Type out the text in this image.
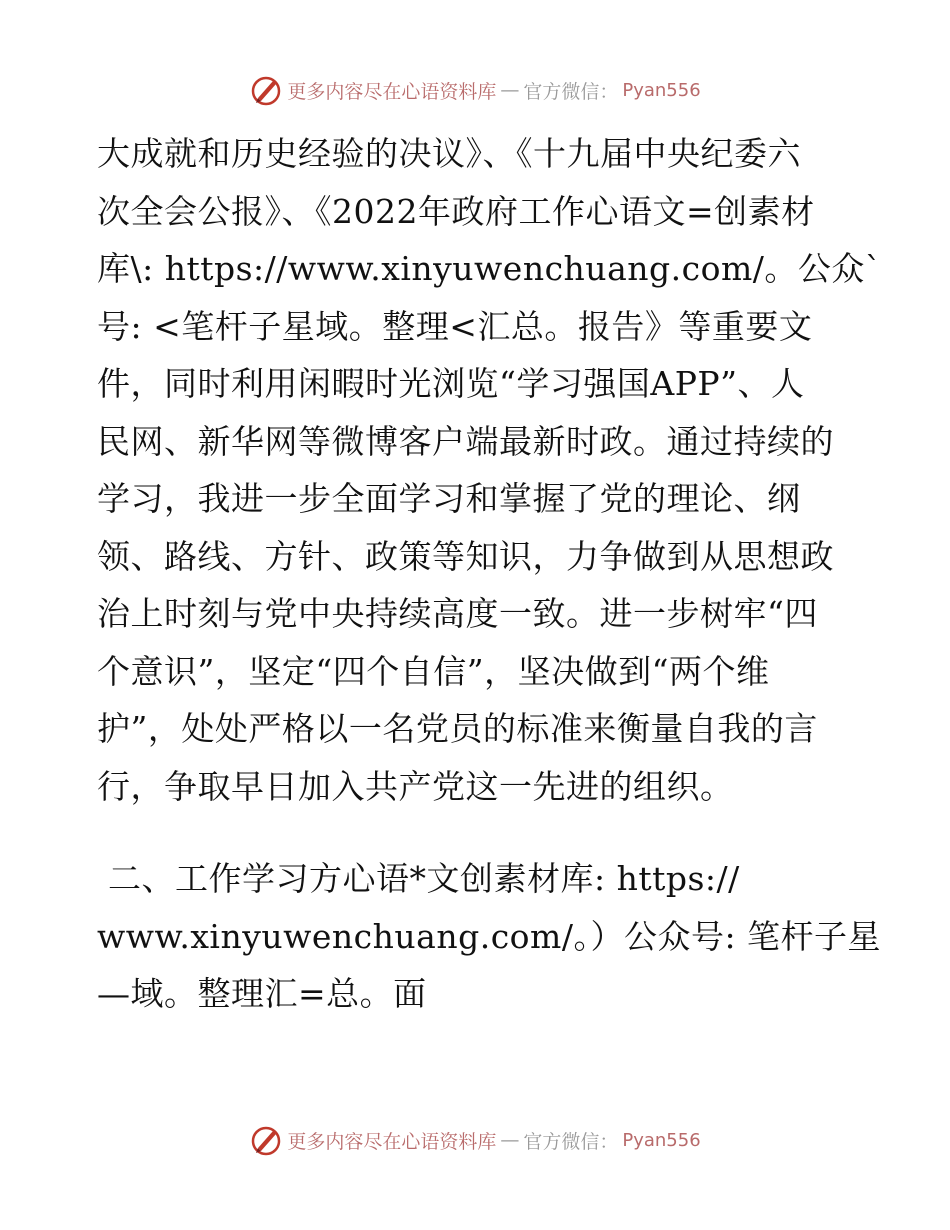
更多内容尽在心语资料库 — 官方微信： Pyan556
大成就和历史经验的决议》、《十九届中央纪委六
次全会公报》、《2022年政府工作心语文=创素材
库\: https://www.xinyuwenchuang.com/。公众`
号: <笔杆子星域。整理<汇总。报告》等重要文
件，同时利用闲暇时光浏览“学习强国APP”、人
民网、新华网等微博客户端最新时政。通过持续的
学习，我进一步全面学习和掌握了党的理论、纲
领、路线、方针、政策等知识，力争做到从思想政
治上时刻与党中央持续高度一致。进一步树牢“四
个意识”，坚定“四个自信”，坚决做到“两个维
护”，处处严格以一名党员的标准来衡量自我的言
行，争取早日加入共产党这一先进的组织。
二、工作学习方心语*文创素材库: https://
www.xinyuwenchuang.com/。）公众号: 笔杆子星
—域。整理汇=总。面
更多内容尽在心语资料库 — 官方微信： Pyan556
